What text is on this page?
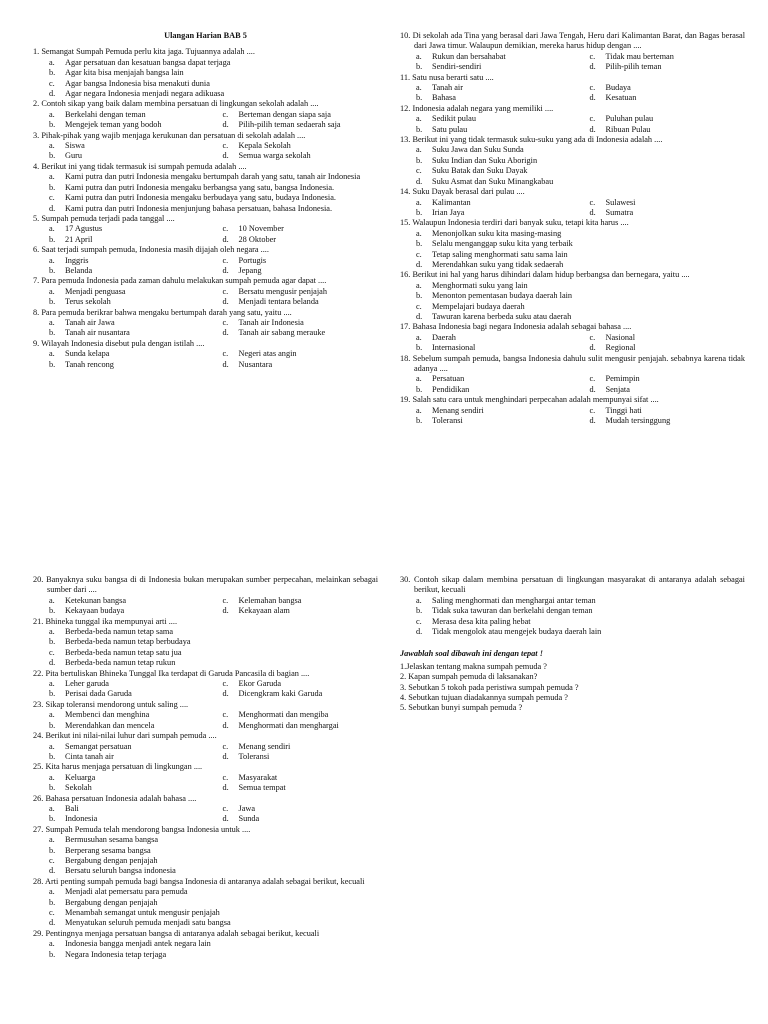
Ulangan Harian BAB 5
1. Semangat Sumpah Pemuda perlu kita jaga. Tujuannya adalah ....
a. Agar persatuan dan kesatuan bangsa dapat terjaga
b. Agar kita bisa menjajah bangsa lain
c. Agar bangsa Indonesia bisa menakuti dunia
d. Agar negara Indonesia menjadi negara adikuasa
2. Contoh sikap yang baik dalam membina persatuan di lingkungan sekolah adalah ....
a. Berkelahi dengan teman	c. Berteman dengan siapa saja
b. Mengejek teman yang bodoh	d. Pilih-pilih teman sedaerah saja
3. Pihak-pihak yang wajib menjaga kerukunan dan persatuan di sekolah adalah ....
a. Siswa	c. Kepala Sekolah
b. Guru	d. Semua warga sekolah
4. Berikut ini yang tidak termasuk isi sumpah pemuda adalah ....
a. Kami putra dan putri Indonesia mengaku bertumpah darah yang satu, tanah air Indonesia
b. Kami putra dan putri Indonesia mengaku berbangsa yang satu, bangsa Indonesia.
c. Kami putra dan putri Indonesia mengaku berbudaya yang satu, budaya Indonesia.
d. Kami putra dan putri Indonesia menjunjung bahasa persatuan, bahasa Indonesia.
5. Sumpah pemuda terjadi pada tanggal ....
a. 17 Agustus	c. 10 November
b. 21 April	d. 28 Oktober
6. Saat terjadi sumpah pemuda, Indonesia masih dijajah oleh negara ....
a. Inggris	c. Portugis
b. Belanda	d. Jepang
7. Para pemuda Indonesia pada zaman dahulu melakukan sumpah pemuda agar dapat ....
a. Menjadi penguasa	c. Bersatu mengusir penjajah
b. Terus sekolah	d. Menjadi tentara belanda
8. Para pemuda berikrar bahwa mengaku bertumpah darah yang satu, yaitu ....
a. Tanah air Jawa	c. Tanah air Indonesia
b. Tanah air nusantara	d. Tanah air sabang merauke
9. Wilayah Indonesia disebut pula dengan istilah ....
a. Sunda kelapa	c. Negeri atas angin
b. Tanah rencong	d. Nusantara
10. Di sekolah ada Tina yang berasal dari Jawa Tengah, Heru dari Kalimantan Barat, dan Bagas berasal dari Jawa timur. Walaupun demikian, mereka harus hidup dengan ....
a. Rukun dan bersahabat	c. Tidak mau berteman
b. Sendiri-sendiri	d. Pilih-pilih teman
11. Satu nusa berarti satu ....
a. Tanah air	c. Budaya
b. Bahasa	d. Kesatuan
12. Indonesia adalah negara yang memiliki ....
a. Sedikit pulau	c. Puluhan pulau
b. Satu pulau	d. Ribuan Pulau
13. Berikut ini yang tidak termasuk suku-suku yang ada di Indonesia adalah ....
a. Suku Jawa dan Suku Sunda
b. Suku Indian dan Suku Aborigin
c. Suku Batak dan Suku Dayak
d. Suku Asmat dan Suku Minangkabau
14. Suku Dayak berasal dari pulau ....
a. Kalimantan	c. Sulawesi
b. Irian Jaya	d. Sumatra
15. Walaupun Indonesia terdiri dari banyak suku, tetapi kita harus ....
a. Menonjolkan suku kita masing-masing
b. Selalu menganggap suku kita yang terbaik
c. Tetap saling menghormati satu sama lain
d. Merendahkan suku yang tidak sedaerah
16. Berikut ini hal yang harus dihindari dalam hidup berbangsa dan bernegara, yaitu ....
a. Menghormati suku yang lain
b. Menonton pementasan budaya daerah lain
c. Mempelajari budaya daerah
d. Tawuran karena berbeda suku atau daerah
17. Bahasa Indonesia bagi negara Indonesia adalah sebagai bahasa ....
a. Daerah	c. Nasional
b. Internasional	d. Regional
18. Sebelum sumpah pemuda, bangsa Indonesia dahulu sulit mengusir penjajah. sebabnya karena tidak adanya ....
a. Persatuan	c. Pemimpin
b. Pendidikan	d. Senjata
19. Salah satu cara untuk menghindari perpecahan adalah mempunyai sifat ....
a. Menang sendiri	c. Tinggi hati
b. Toleransi	d. Mudah tersinggung
20. Banyaknya suku bangsa di di Indonesia bukan merupakan sumber perpecahan, melainkan sebagai sumber dari ....
a. Ketekunan bangsa	c. Kelemahan bangsa
b. Kekayaan budaya	d. Kekayaan alam
21. Bhineka tunggal ika mempunyai arti ....
a. Berbeda-beda namun tetap sama
b. Berbeda-beda namun tetap berbudaya
c. Berbeda-beda namun tetap satu jua
d. Berbeda-beda namun tetap rukun
22. Pita bertuliskan Bhineka Tunggal Ika terdapat di Garuda Pancasila di bagian ....
a. Leher garuda	c. Ekor Garuda
b. Perisai dada Garuda	d. Dicengkram kaki Garuda
23. Sikap toleransi mendorong untuk saling ....
a. Membenci dan menghina	c. Menghormati dan mengiba
b. Merendahkan dan mencela	d. Menghormati dan menghargai
24. Berikut ini nilai-nilai luhur dari sumpah pemuda ....
a. Semangat persatuan	c. Menang sendiri
b. Cinta tanah air	d. Toleransi
25. Kita harus menjaga persatuan di lingkungan ....
a. Keluarga	c. Masyarakat
b. Sekolah	d. Semua tempat
26. Bahasa persatuan Indonesia adalah bahasa ....
a. Bali	c. Jawa
b. Indonesia	d. Sunda
27. Sumpah Pemuda telah mendorong bangsa Indonesia untuk ....
a. Bermusuhan sesama bangsa
b. Berperang sesama bangsa
c. Bergabung dengan penjajah
d. Bersatu seluruh bangsa indonesia
28. Arti penting sumpah pemuda bagi bangsa Indonesia di antaranya adalah sebagai berikut, kecuali
a. Menjadi alat pemersatu para pemuda
b. Bergabung dengan penjajah
c. Menambah semangat untuk mengusir penjajah
d. Menyatukan seluruh pemuda menjadi satu bangsa
29. Pentingnya menjaga persatuan bangsa di antaranya adalah sebagai berikut, kecuali
a. Indonesia bangga menjadi antek negara lain
b. Negara Indonesia tetap terjaga
30. Contoh sikap dalam membina persatuan di lingkungan masyarakat di antaranya adalah sebagai berikut, kecuali
a. Saling menghormati dan menghargai antar teman
b. Tidak suka tawuran dan berkelahi dengan teman
c. Merasa desa kita paling hebat
d. Tidak mengolok atau mengejek budaya daerah lain
Jawablah soal dibawah ini dengan tepat !
1.Jelaskan tentang makna sumpah pemuda ?
2. Kapan sumpah pemuda di laksanakan?
3. Sebutkan 5 tokoh pada peristiwa sumpah pemuda ?
4. Sebutkan tujuan diadakannya sumpah pemuda ?
5. Sebutkan bunyi sumpah pemuda ?
